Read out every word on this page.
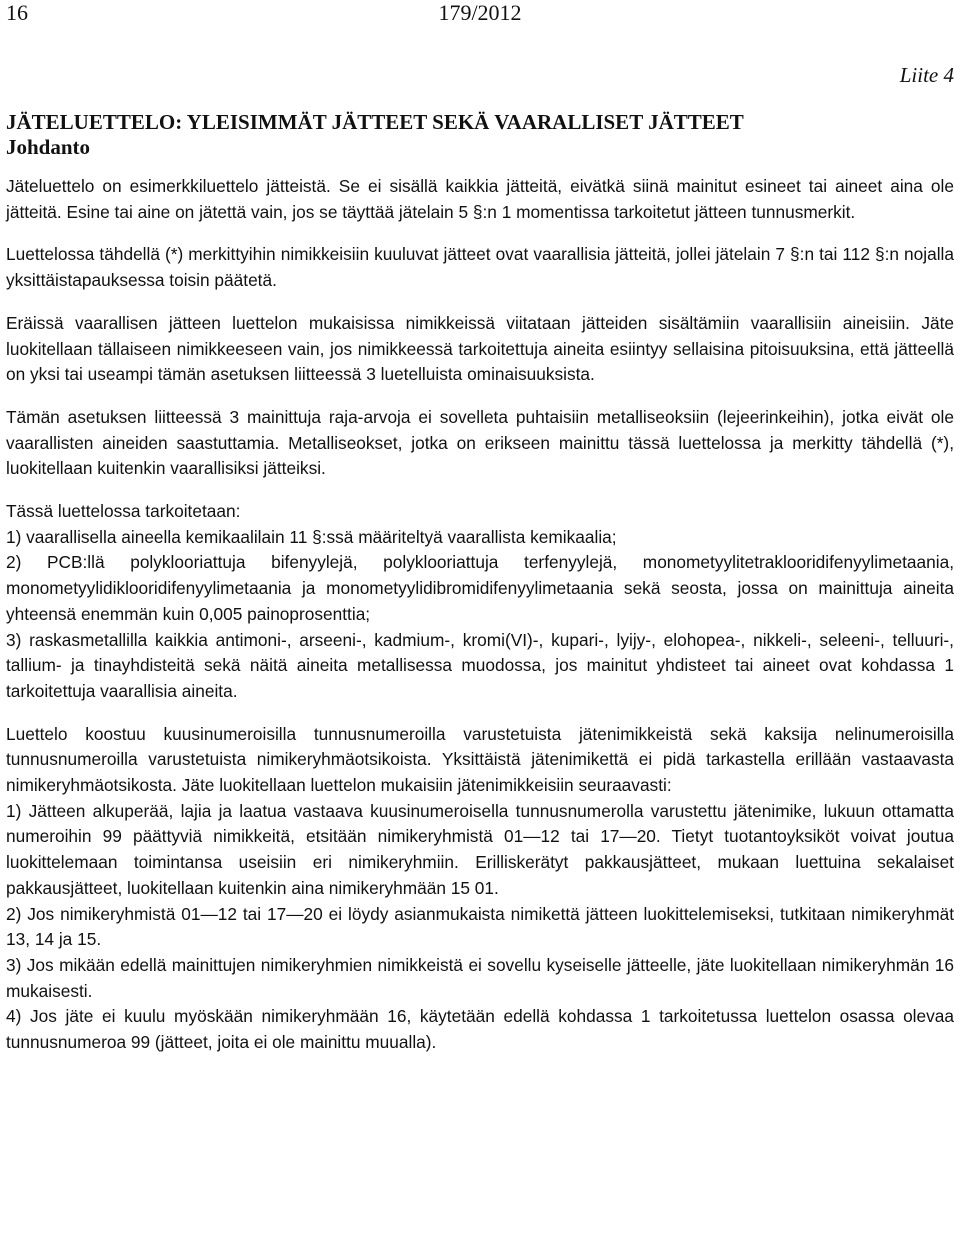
16	179/2012
Liite 4
JÄTELUETTELO: YLEISIMMÄT JÄTTEET SEKÄ VAARALLISET JÄTTEET
Johdanto

Jäteluettelo on esimerkkiluettelo jätteistä. Se ei sisällä kaikkia jätteitä, eivätkä siinä mainitut esineet tai aineet aina ole jätteitä. Esine tai aine on jätettä vain, jos se täyttää jätelain 5 §:n 1 momentissa tarkoitetut jätteen tunnusmerkit.

Luettelossa tähdellä (*) merkittyihin nimikkeisiin kuuluvat jätteet ovat vaarallisia jätteitä, jollei jätelain 7 §:n tai 112 §:n nojalla yksittäistapauksessa toisin päätetä.

Eräissä vaarallisen jätteen luettelon mukaisissa nimikkeissä viitataan jätteiden sisältämiin vaarallisiin aineisiin. Jäte luokitellaan tällaiseen nimikkeeseen vain, jos nimikkeessä tarkoitettuja aineita esiintyy sellaisina pitoisuuksina, että jätteellä on yksi tai useampi tämän asetuksen liitteessä 3 luetelluista ominaisuuksista.

Tämän asetuksen liitteessä 3 mainittuja raja-arvoja ei sovelleta puhtaisiin metalliseoksiin (lejeerinkeihin), jotka eivät ole vaarallisten aineiden saastuttamia. Metalliseokset, jotka on erikseen mainittu tässä luettelossa ja merkitty tähdellä (*), luokitellaan kuitenkin vaarallisiksi jätteiksi.

Tässä luettelossa tarkoitetaan:

1) vaarallisella aineella kemikaalilain 11 §:ssä määriteltyä vaarallista kemikaalia;

2) PCB:llä polyklooriattuja bifenyylejä, polyklooriattuja terfenyylejä, monometyylitetraklooridifenyylimetaania, monometyylidiklooridifenyylimetaania ja monometyylidibromidifenyylimetaania sekä seosta, jossa on mainittuja aineita yhteensä enemmän kuin 0,005 painoprosenttia;

3) raskasmetallilla kaikkia antimoni-, arseeni-, kadmium-, kromi(VI)-, kupari-, lyijy-, elohopea-, nikkeli-, seleeni-, telluuri-, tallium- ja tinayhdisteitä sekä näitä aineita metallisessa muodossa, jos mainitut yhdisteet tai aineet ovat kohdassa 1 tarkoitettuja vaarallisia aineita.

Luettelo koostuu kuusinumeroisilla tunnusnumeroilla varustetuista jätenimikkeistä sekä kaksija nelinumeroisilla tunnusnumeroilla varustetuista nimikeryhmäotsikoista. Yksittäistä jätenimikettä ei pidä tarkastella erillään vastaavasta nimikeryhmäotsikosta. Jäte luokitellaan luettelon mukaisiin jätenimikkeisiin seuraavasti:

1) Jätteen alkuperää, lajia ja laatua vastaava kuusinumeroisella tunnusnumerolla varustettu jätenimike, lukuun ottamatta numeroihin 99 päättyviä nimikkeitä, etsitään nimikeryhmistä 01—12 tai 17—20. Tietyt tuotantoyksiköt voivat joutua luokittelemaan toimintansa useisiin eri nimikeryhmiin. Erilliskerätyt pakkausjätteet, mukaan luettuina sekalaiset pakkausjätteet, luokitellaan kuitenkin aina nimikeryhmään 15 01.

2) Jos nimikeryhmistä 01—12 tai 17—20 ei löydy asianmukaista nimikettä jätteen luokittelemiseksi, tutkitaan nimikeryhmät 13, 14 ja 15.

3) Jos mikään edellä mainittujen nimikeryhmien nimikkeistä ei sovellu kyseiselle jätteelle, jäte luokitellaan nimikeryhmän 16 mukaisesti.

4) Jos jäte ei kuulu myöskään nimikeryhmään 16, käytetään edellä kohdassa 1 tarkoitetussa luettelon osassa olevaa tunnusnumeroa 99 (jätteet, joita ei ole mainittu muualla).
